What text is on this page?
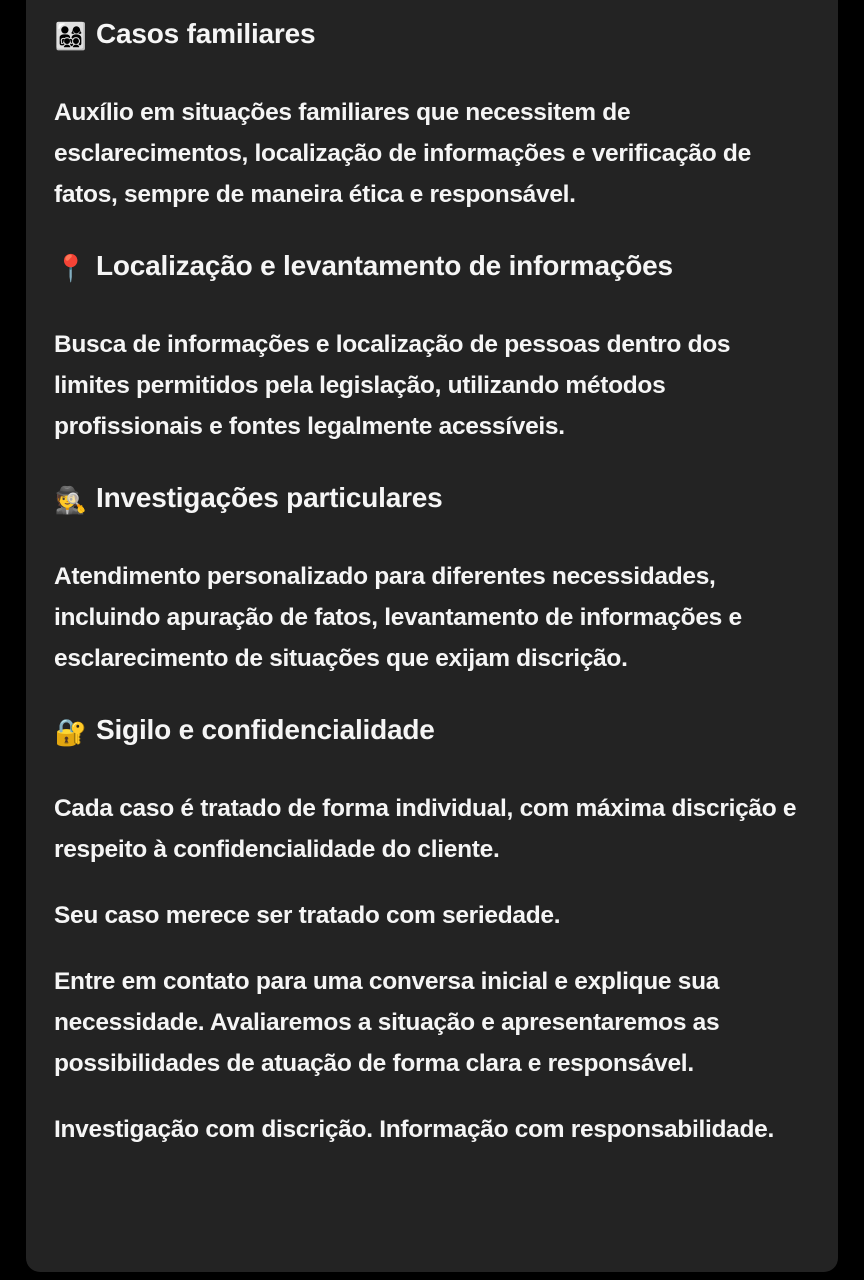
👨‍👩‍👧‍👦 Casos familiares

Auxílio em situações familiares que necessitem de esclarecimentos, localização de informações e verificação de fatos, sempre de maneira ética e responsável.

📍 Localização e levantamento de informações

Busca de informações e localização de pessoas dentro dos limites permitidos pela legislação, utilizando métodos profissionais e fontes legalmente acessíveis.

🕵️ Investigações particulares

Atendimento personalizado para diferentes necessidades, incluindo apuração de fatos, levantamento de informações e esclarecimento de situações que exijam discrição.

🔐 Sigilo e confidencialidade

Cada caso é tratado de forma individual, com máxima discrição e respeito à confidencialidade do cliente.

Seu caso merece ser tratado com seriedade.

Entre em contato para uma conversa inicial e explique sua necessidade. Avaliaremos a situação e apresentaremos as possibilidades de atuação de forma clara e responsável.

Investigação com discrição. Informação com responsabilidade.
